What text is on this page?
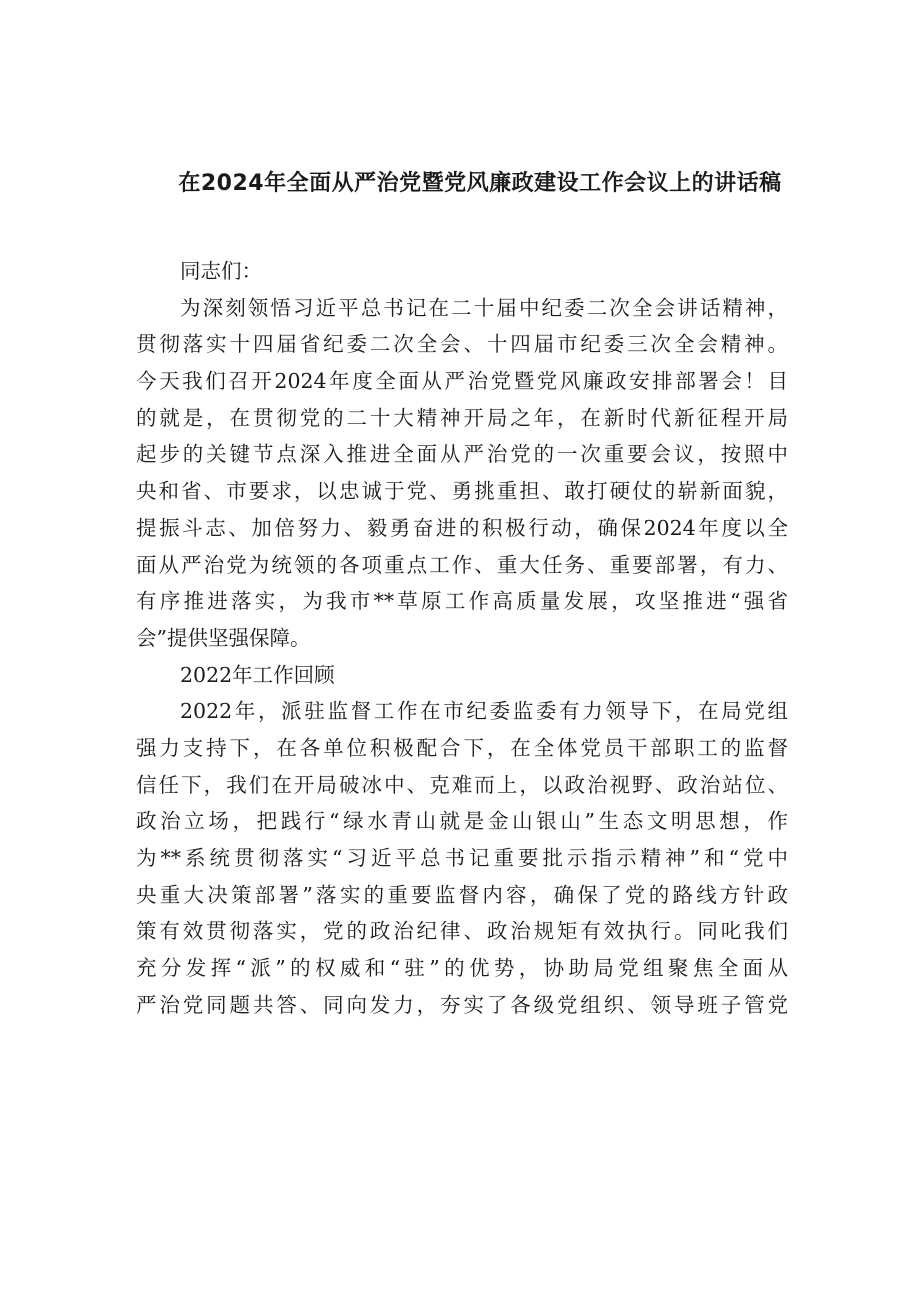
在2024年全面从严治党暨党风廉政建设工作会议上的讲话稿
同志们：
为深刻领悟习近平总书记在二十届中纪委二次全会讲话精神，
贯彻落实十四届省纪委二次全会、十四届市纪委三次全会精神。
今天我们召开2024年度全面从严治党暨党风廉政安排部署会！目
的就是，在贯彻党的二十大精神开局之年，在新时代新征程开局
起步的关键节点深入推进全面从严治党的一次重要会议，按照中
央和省、市要求，以忠诚于党、勇挑重担、敢打硬仗的崭新面貌，
提振斗志、加倍努力、毅勇奋进的积极行动，确保2024年度以全
面从严治党为统领的各项重点工作、重大任务、重要部署，有力、
有序推进落实，为我市**草原工作高质量发展，攻坚推进“强省
会”提供坚强保障。
2022年工作回顾
2022年，派驻监督工作在市纪委监委有力领导下，在局党组
强力支持下，在各单位积极配合下，在全体党员干部职工的监督
信任下，我们在开局破冰中、克难而上，以政治视野、政治站位、
政治立场，把践行“绿水青山就是金山银山”生态文明思想，作
为**系统贯彻落实“习近平总书记重要批示指示精神”和“党中
央重大决策部署”落实的重要监督内容，确保了党的路线方针政
策有效贯彻落实，党的政治纪律、政治规矩有效执行。同叱我们
充分发挥“派”的权威和“驻”的优势，协助局党组聚焦全面从
严治党同题共答、同向发力，夯实了各级党组织、领导班子管党
